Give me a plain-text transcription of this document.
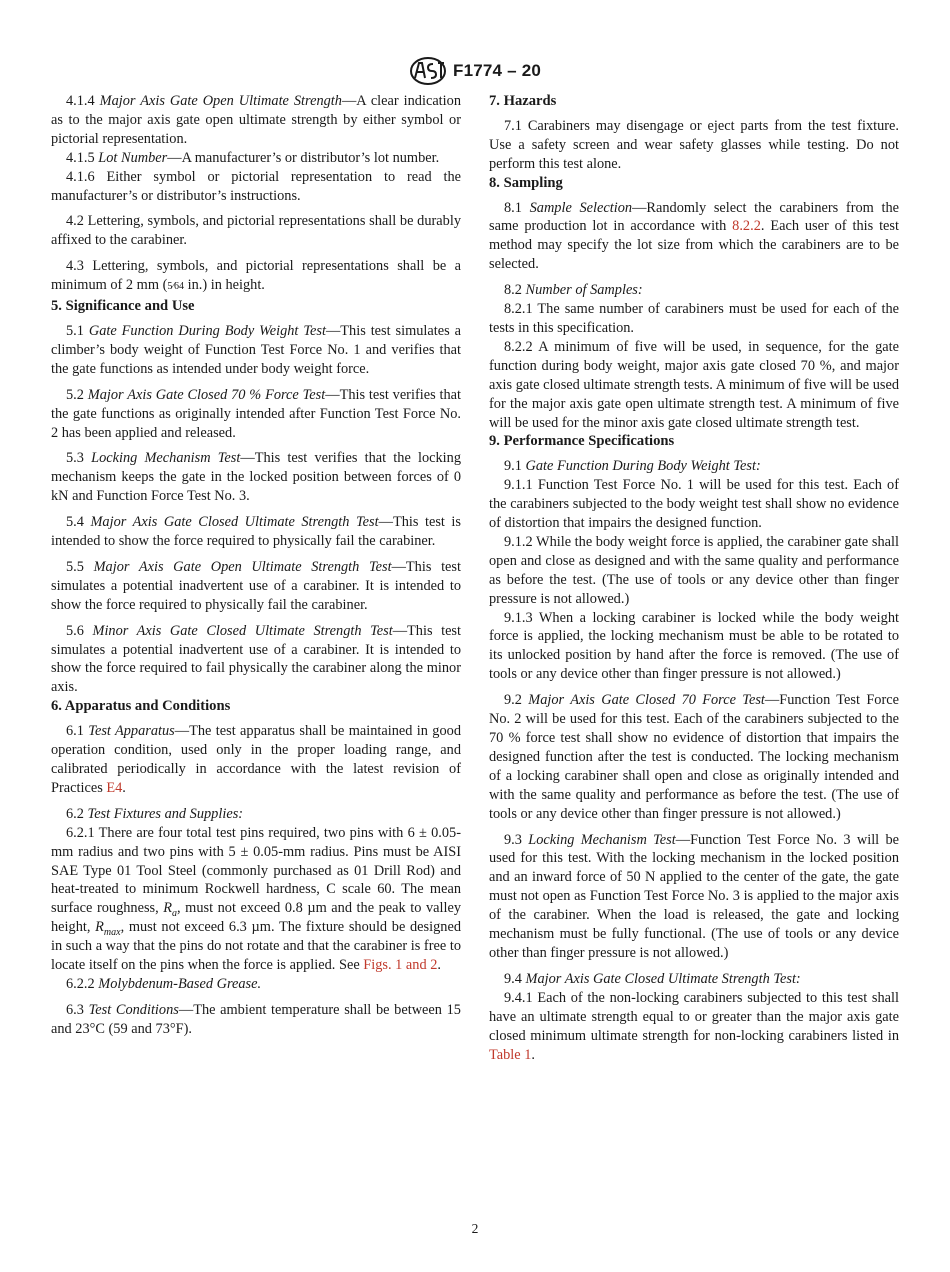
F1774 – 20

4.1.4 Major Axis Gate Open Ultimate Strength—A clear indication as to the major axis gate open ultimate strength by either symbol or pictorial representation.

4.1.5 Lot Number—A manufacturer’s or distributor’s lot number.

4.1.6 Either symbol or pictorial representation to read the manufacturer’s or distributor’s instructions.

4.2 Lettering, symbols, and pictorial representations shall be durably affixed to the carabiner.

4.3 Lettering, symbols, and pictorial representations shall be a minimum of 2 mm (5⁄64 in.) in height.

5. Significance and Use

5.1 Gate Function During Body Weight Test—This test simulates a climber’s body weight of Function Test Force No. 1 and verifies that the gate functions as intended under body weight force.

5.2 Major Axis Gate Closed 70 % Force Test—This test verifies that the gate functions as originally intended after Function Test Force No. 2 has been applied and released.

5.3 Locking Mechanism Test—This test verifies that the locking mechanism keeps the gate in the locked position between forces of 0 kN and Function Force Test No. 3.

5.4 Major Axis Gate Closed Ultimate Strength Test—This test is intended to show the force required to physically fail the carabiner.

5.5 Major Axis Gate Open Ultimate Strength Test—This test simulates a potential inadvertent use of a carabiner. It is intended to show the force required to physically fail the carabiner.

5.6 Minor Axis Gate Closed Ultimate Strength Test—This test simulates a potential inadvertent use of a carabiner. It is intended to show the force required to fail physically the carabiner along the minor axis.

6. Apparatus and Conditions

6.1 Test Apparatus—The test apparatus shall be maintained in good operation condition, used only in the proper loading range, and calibrated periodically in accordance with the latest revision of Practices E4.

6.2 Test Fixtures and Supplies:

6.2.1 There are four total test pins required, two pins with 6 ± 0.05-mm radius and two pins with 5 ± 0.05-mm radius. Pins must be AISI SAE Type 01 Tool Steel (commonly purchased as 01 Drill Rod) and heat-treated to minimum Rockwell hardness, C scale 60. The mean surface roughness, $R_a$, must not exceed 0.8 µm and the peak to valley height, $R_{max}$, must not exceed 6.3 µm. The fixture should be designed in such a way that the pins do not rotate and that the carabiner is free to locate itself on the pins when the force is applied. See Figs. 1 and 2.

6.2.2 Molybdenum-Based Grease.

6.3 Test Conditions—The ambient temperature shall be between 15 and 23°C (59 and 73°F).

7. Hazards

7.1 Carabiners may disengage or eject parts from the test fixture. Use a safety screen and wear safety glasses while testing. Do not perform this test alone.

8. Sampling

8.1 Sample Selection—Randomly select the carabiners from the same production lot in accordance with 8.2.2. Each user of this test method may specify the lot size from which the carabiners are to be selected.

8.2 Number of Samples:

8.2.1 The same number of carabiners must be used for each of the tests in this specification.

8.2.2 A minimum of five will be used, in sequence, for the gate function during body weight, major axis gate closed 70 %, and major axis gate closed ultimate strength tests. A minimum of five will be used for the major axis gate open ultimate strength test. A minimum of five will be used for the minor axis gate closed ultimate strength test.

9. Performance Specifications

9.1 Gate Function During Body Weight Test:

9.1.1 Function Test Force No. 1 will be used for this test. Each of the carabiners subjected to the body weight test shall show no evidence of distortion that impairs the designed function.

9.1.2 While the body weight force is applied, the carabiner gate shall open and close as designed and with the same quality and performance as before the test. (The use of tools or any device other than finger pressure is not allowed.)

9.1.3 When a locking carabiner is locked while the body weight force is applied, the locking mechanism must be able to be rotated to its unlocked position by hand after the force is removed. (The use of tools or any device other than finger pressure is not allowed.)

9.2 Major Axis Gate Closed 70 Force Test—Function Test Force No. 2 will be used for this test. Each of the carabiners subjected to the 70 % force test shall show no evidence of distortion that impairs the designed function after the test is conducted. The locking mechanism of a locking carabiner shall open and close as originally intended and with the same quality and performance as before the test. (The use of tools or any device other than finger pressure is not allowed.)

9.3 Locking Mechanism Test—Function Test Force No. 3 will be used for this test. With the locking mechanism in the locked position and an inward force of 50 N applied to the center of the gate, the gate must not open as Function Test Force No. 3 is applied to the major axis of the carabiner. When the load is released, the gate and locking mechanism must be fully functional. (The use of tools or any device other than finger pressure is not allowed.)

9.4 Major Axis Gate Closed Ultimate Strength Test:

9.4.1 Each of the non-locking carabiners subjected to this test shall have an ultimate strength equal to or greater than the major axis gate closed minimum ultimate strength for non-locking carabiners listed in Table 1.

2
